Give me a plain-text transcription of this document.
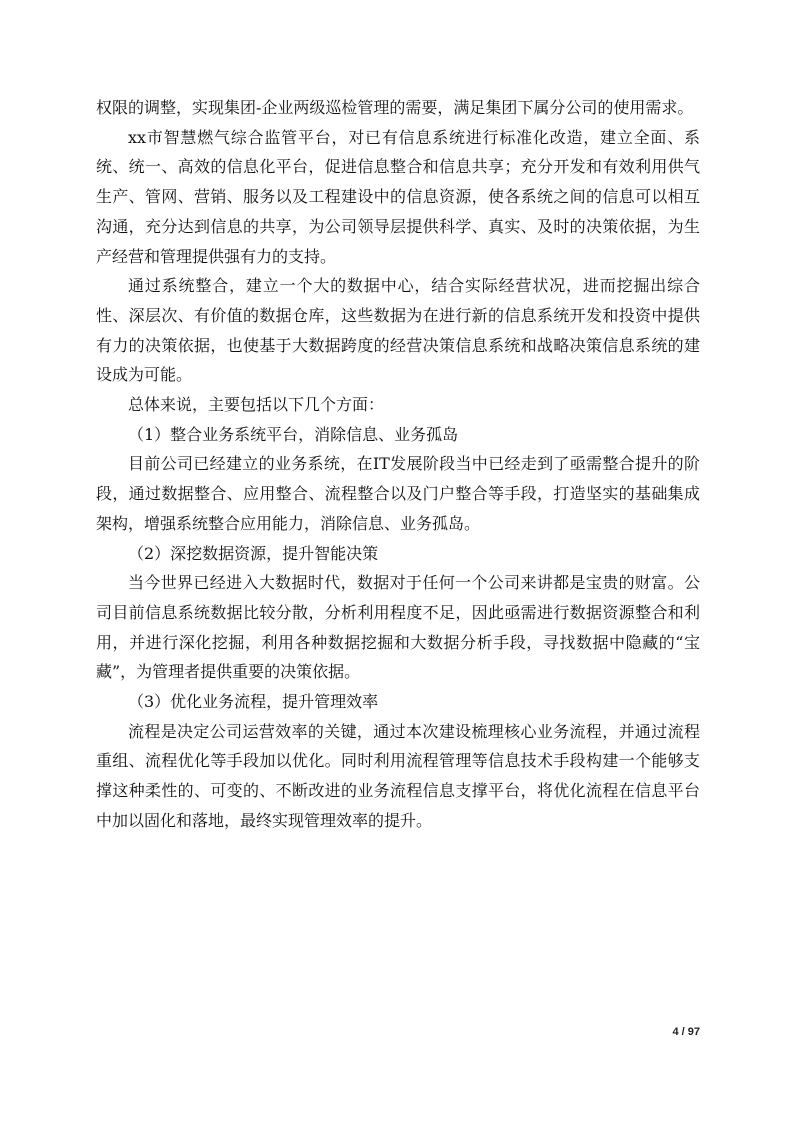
权限的调整，实现集团-企业两级巡检管理的需要，满足集团下属分公司的使用需求。

xx市智慧燃气综合监管平台，对已有信息系统进行标准化改造，建立全面、系统、统一、高效的信息化平台，促进信息整合和信息共享；充分开发和有效利用供气生产、管网、营销、服务以及工程建设中的信息资源，使各系统之间的信息可以相互沟通，充分达到信息的共享，为公司领导层提供科学、真实、及时的决策依据，为生产经营和管理提供强有力的支持。

通过系统整合，建立一个大的数据中心，结合实际经营状况，进而挖掘出综合性、深层次、有价值的数据仓库，这些数据为在进行新的信息系统开发和投资中提供有力的决策依据，也使基于大数据跨度的经营决策信息系统和战略决策信息系统的建设成为可能。

总体来说，主要包括以下几个方面：

（1）整合业务系统平台，消除信息、业务孤岛

目前公司已经建立的业务系统，在IT发展阶段当中已经走到了亟需整合提升的阶段，通过数据整合、应用整合、流程整合以及门户整合等手段，打造坚实的基础集成架构，增强系统整合应用能力，消除信息、业务孤岛。

（2）深挖数据资源，提升智能决策

当今世界已经进入大数据时代，数据对于任何一个公司来讲都是宝贵的财富。公司目前信息系统数据比较分散，分析利用程度不足，因此亟需进行数据资源整合和利用，并进行深化挖掘，利用各种数据挖掘和大数据分析手段，寻找数据中隐藏的“宝藏”，为管理者提供重要的决策依据。

（3）优化业务流程，提升管理效率

流程是决定公司运营效率的关键，通过本次建设梳理核心业务流程，并通过流程重组、流程优化等手段加以优化。同时利用流程管理等信息技术手段构建一个能够支撑这种柔性的、可变的、不断改进的业务流程信息支撑平台，将优化流程在信息平台中加以固化和落地，最终实现管理效率的提升。

4 / 97
